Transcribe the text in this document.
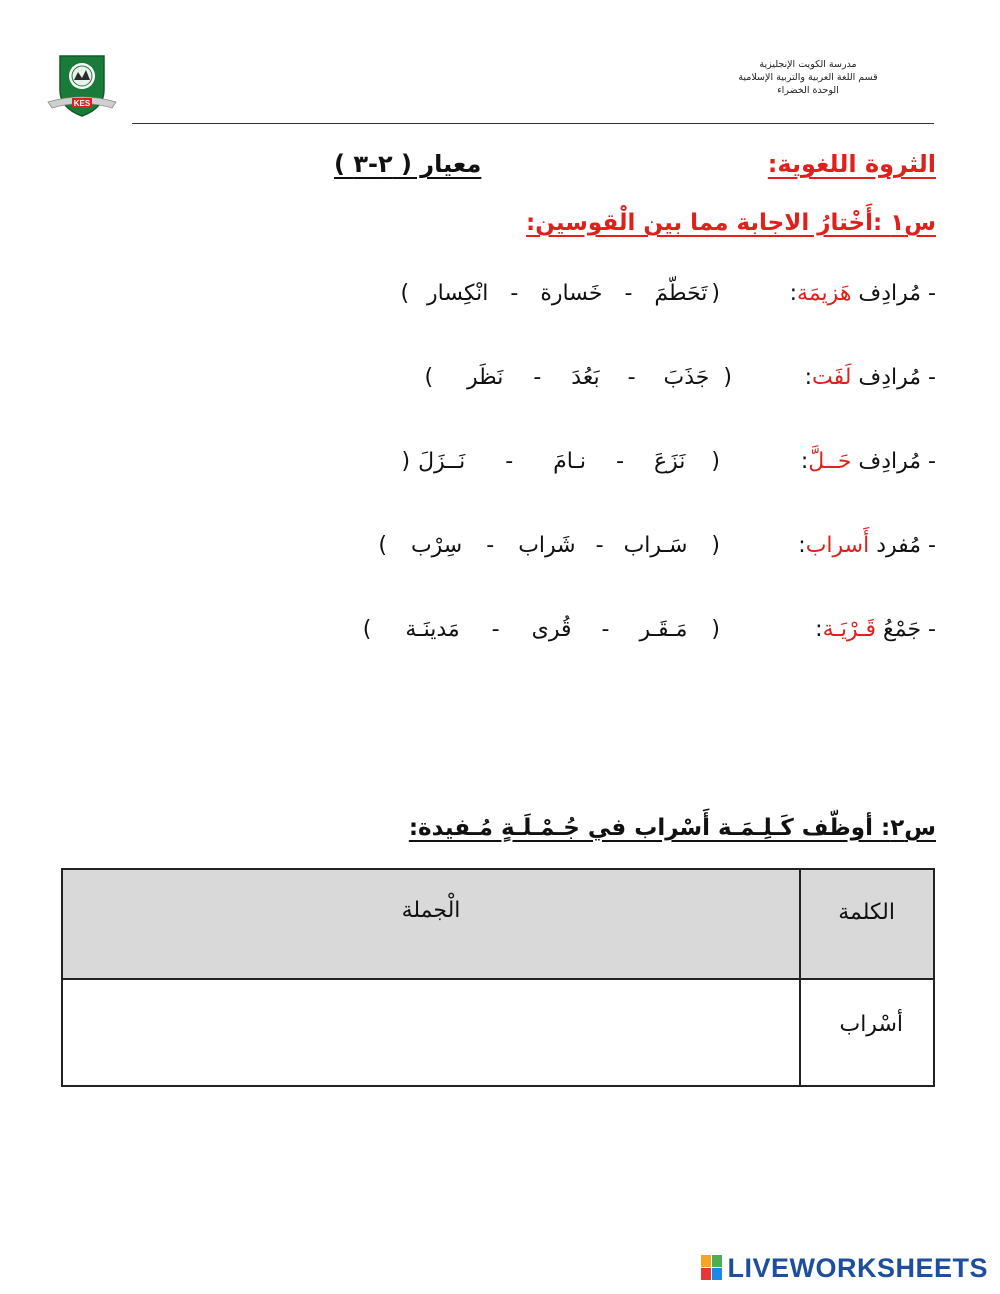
مدرسة الكويت الإنجليزية
قسم اللغة العربية والتربية الإسلامية
الوحدة الخضراء
KES
الثروة اللغوية:
معيار ( ٢-٣ )
س١ :أَخْتارُ الاجابة مما بين الْقوسين:
- مُرادِف هَزيمَة:
(
تَحَطّمَ
-
خَسارة
-
انْكِسار
)
- مُرادِف لَفَت:
(
جَذَبَ
-
بَعُدَ
-
نَظَر
)
- مُرادِف حَــلَّ:
(
نَزَعَ
-
نـامَ
-
نَــزَلَ
(
- مُفرد أَسراب:
(
سَـراب
-
شَراب
-
سِرْب
)
- جَمْعُ قَـرْيَـة:
(
مَـقَـر
-
قُرى
-
مَدينَـة
)
س٢: أوظّف كَـلِـمَـة أَسْراب في جُـمْـلَـةٍ مُـفيدة:
الكلمة
الْجملة
أسْراب
LIVEWORKSHEETS
